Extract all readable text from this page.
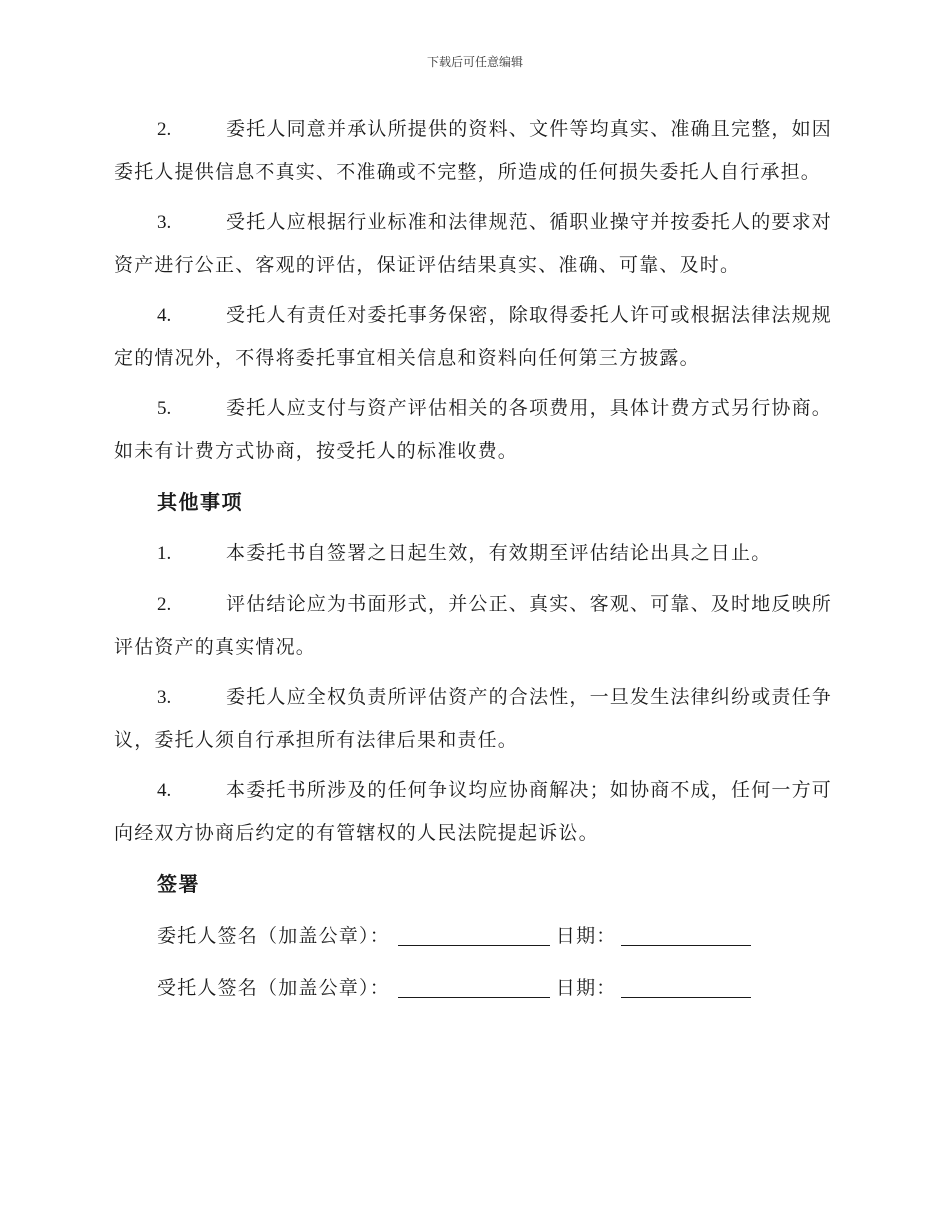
下载后可任意编辑

2.	委托人同意并承认所提供的资料、文件等均真实、准确且完整，如因委托人提供信息不真实、不准确或不完整，所造成的任何损失委托人自行承担。

3.	受托人应根据行业标准和法律规范、循职业操守并按委托人的要求对资产进行公正、客观的评估，保证评估结果真实、准确、可靠、及时。

4.	受托人有责任对委托事务保密，除取得委托人许可或根据法律法规规定的情况外，不得将委托事宜相关信息和资料向任何第三方披露。

5.	委托人应支付与资产评估相关的各项费用，具体计费方式另行协商。如未有计费方式协商，按受托人的标准收费。

其他事项

1.	本委托书自签署之日起生效，有效期至评估结论出具之日止。

2.	评估结论应为书面形式，并公正、真实、客观、可靠、及时地反映所评估资产的真实情况。

3.	委托人应全权负责所评估资产的合法性，一旦发生法律纠纷或责任争议，委托人须自行承担所有法律后果和责任。

4.	本委托书所涉及的任何争议均应协商解决；如协商不成，任何一方可向经双方协商后约定的有管辖权的人民法院提起诉讼。

签署
委托人签名（加盖公章）：	日期：
受托人签名（加盖公章）：	日期：
